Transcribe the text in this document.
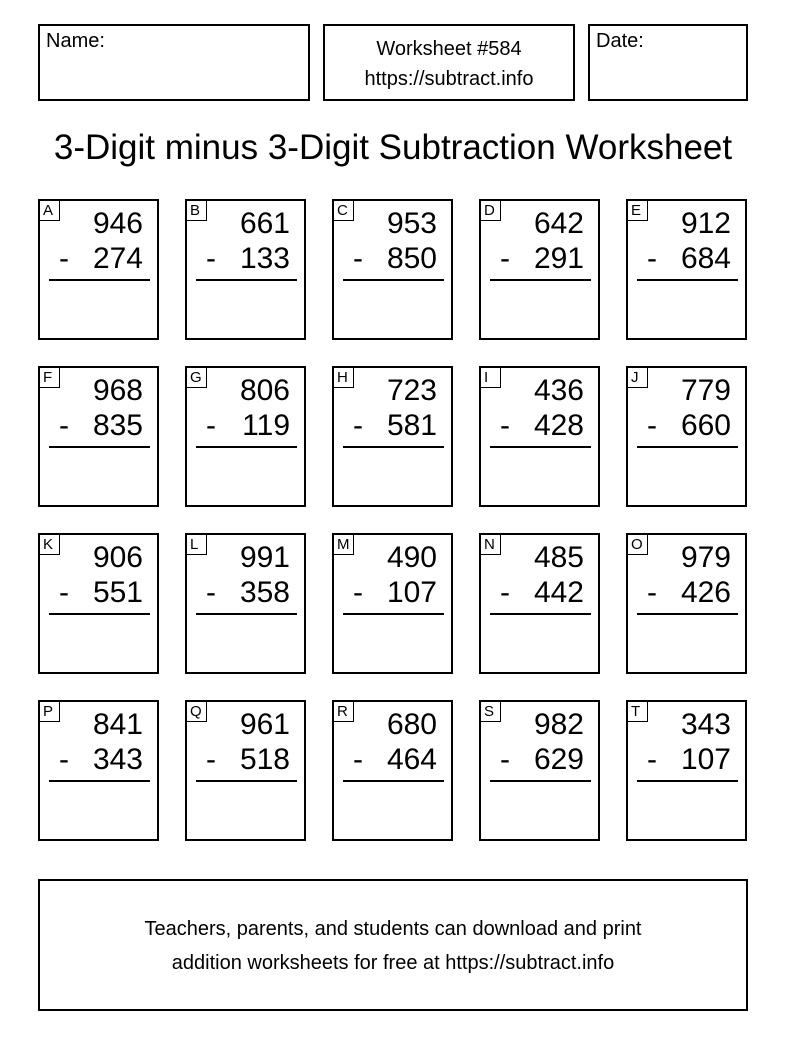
Name:	Worksheet #584
https://subtract.info
Date:
3-Digit minus 3-Digit Subtraction Worksheet
A 946
- 274
B 661
- 133
C 953
- 850
D 642
- 291
E 912
- 684
F 968
- 835
G 806
- 119
H 723
- 581
I	436
- 428
J	779
- 660
K 906
- 551
L 991
- 358
M 490
- 107
N 485
- 442
O 979
- 426
P 841
- 343
Q 961
- 518
R 680
- 464
S 982
- 629
T 343
- 107
Teachers, parents, and students can download and print
addition worksheets for free at https://subtract.info
